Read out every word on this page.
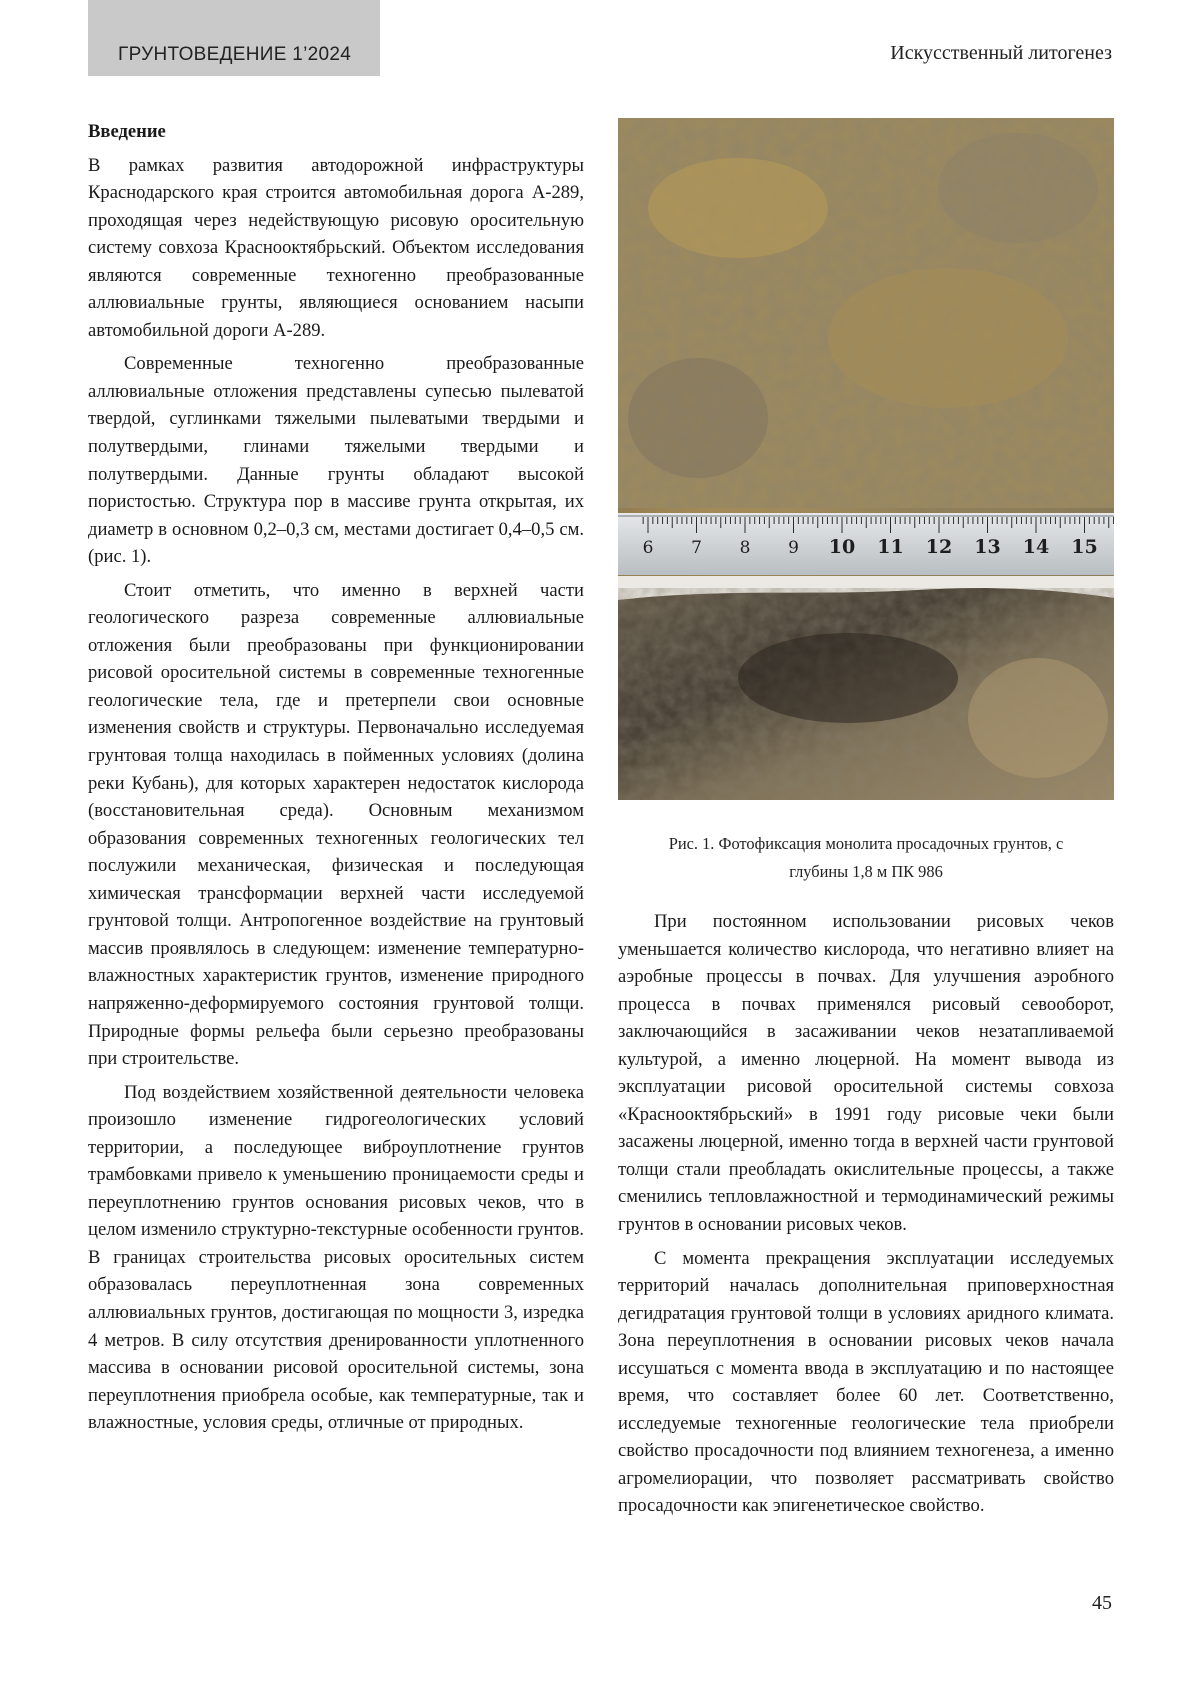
ГРУНТОВЕДЕНИЕ 1’2024	Искусственный литогенез

Введение

В рамках развития автодорожной инфраструктуры Краснодарского края строится автомобильная дорога А-289, проходящая через недействующую рисовую оросительную систему совхоза Краснооктябрьский. Объектом исследования являются современные техногенно преобразованные аллювиальные грунты, являющиеся основанием насыпи автомобильной дороги А-289.

Современные техногенно преобразованные аллювиальные отложения представлены супесью пылеватой твердой, суглинками тяжелыми пылеватыми твердыми и полутвердыми, глинами тяжелыми твердыми и полутвердыми. Данные грунты обладают высокой пористостью. Структура пор в массиве грунта открытая, их диаметр в основном 0,2–0,3 см, местами достигает 0,4–0,5 см. (рис. 1).

Стоит отметить, что именно в верхней части геологического разреза современные аллювиальные отложения были преобразованы при функционировании рисовой оросительной системы в современные техногенные геологические тела, где и претерпели свои основные изменения свойств и структуры. Первоначально исследуемая грунтовая толща находилась в пойменных условиях (долина реки Кубань), для которых характерен недостаток кислорода (восстановительная среда). Основным механизмом образования современных техногенных геологических тел послужили механическая, физическая и последующая химическая трансформации верхней части исследуемой грунтовой толщи. Антропогенное воздействие на грунтовый массив проявлялось в следующем: изменение температурно-влажностных характеристик грунтов, изменение природного напряженно-деформируемого состояния грунтовой толщи. Природные формы рельефа были серьезно преобразованы при строительстве.

Под воздействием хозяйственной деятельности человека произошло изменение гидрогеологических условий территории, а последующее виброуплотнение грунтов трамбовками привело к уменьшению проницаемости среды и переуплотнению грунтов основания рисовых чеков, что в целом изменило структурно-текстурные особенности грунтов. В границах строительства рисовых оросительных систем образовалась переуплотненная зона современных аллювиальных грунтов, достигающая по мощности 3, изредка 4 метров. В силу отсутствия дренированности уплотненного массива в основании рисовой оросительной системы, зона переуплотнения приобрела особые, как температурные, так и влажностные, условия среды, отличные от природных.

6 7 8 9 10 11 12 13 14 15
Рис. 1. Фотофиксация монолита просадочных грунтов, с
глубины 1,8 м ПК 986

При постоянном использовании рисовых чеков уменьшается количество кислорода, что негативно влияет на аэробные процессы в почвах. Для улучшения аэробного процесса в почвах применялся рисовый севооборот, заключающийся в засаживании чеков незатапливаемой культурой, а именно люцерной. На момент вывода из эксплуатации рисовой оросительной системы совхоза «Краснооктябрьский» в 1991 году рисовые чеки были засажены люцерной, именно тогда в верхней части грунтовой толщи стали преобладать окислительные процессы, а также сменились тепловлажностной и термодинамический режимы грунтов в основании рисовых чеков.

С момента прекращения эксплуатации исследуемых территорий началась дополнительная приповерхностная дегидратация грунтовой толщи в условиях аридного климата. Зона переуплотнения в основании рисовых чеков начала иссушаться с момента ввода в эксплуатацию и по настоящее время, что составляет более 60 лет. Соответственно, исследуемые техногенные геологические тела приобрели свойство просадочности под влиянием техногенеза, а именно агромелиорации, что позволяет рассматривать свойство просадочности как эпигенетическое свойство.

45
